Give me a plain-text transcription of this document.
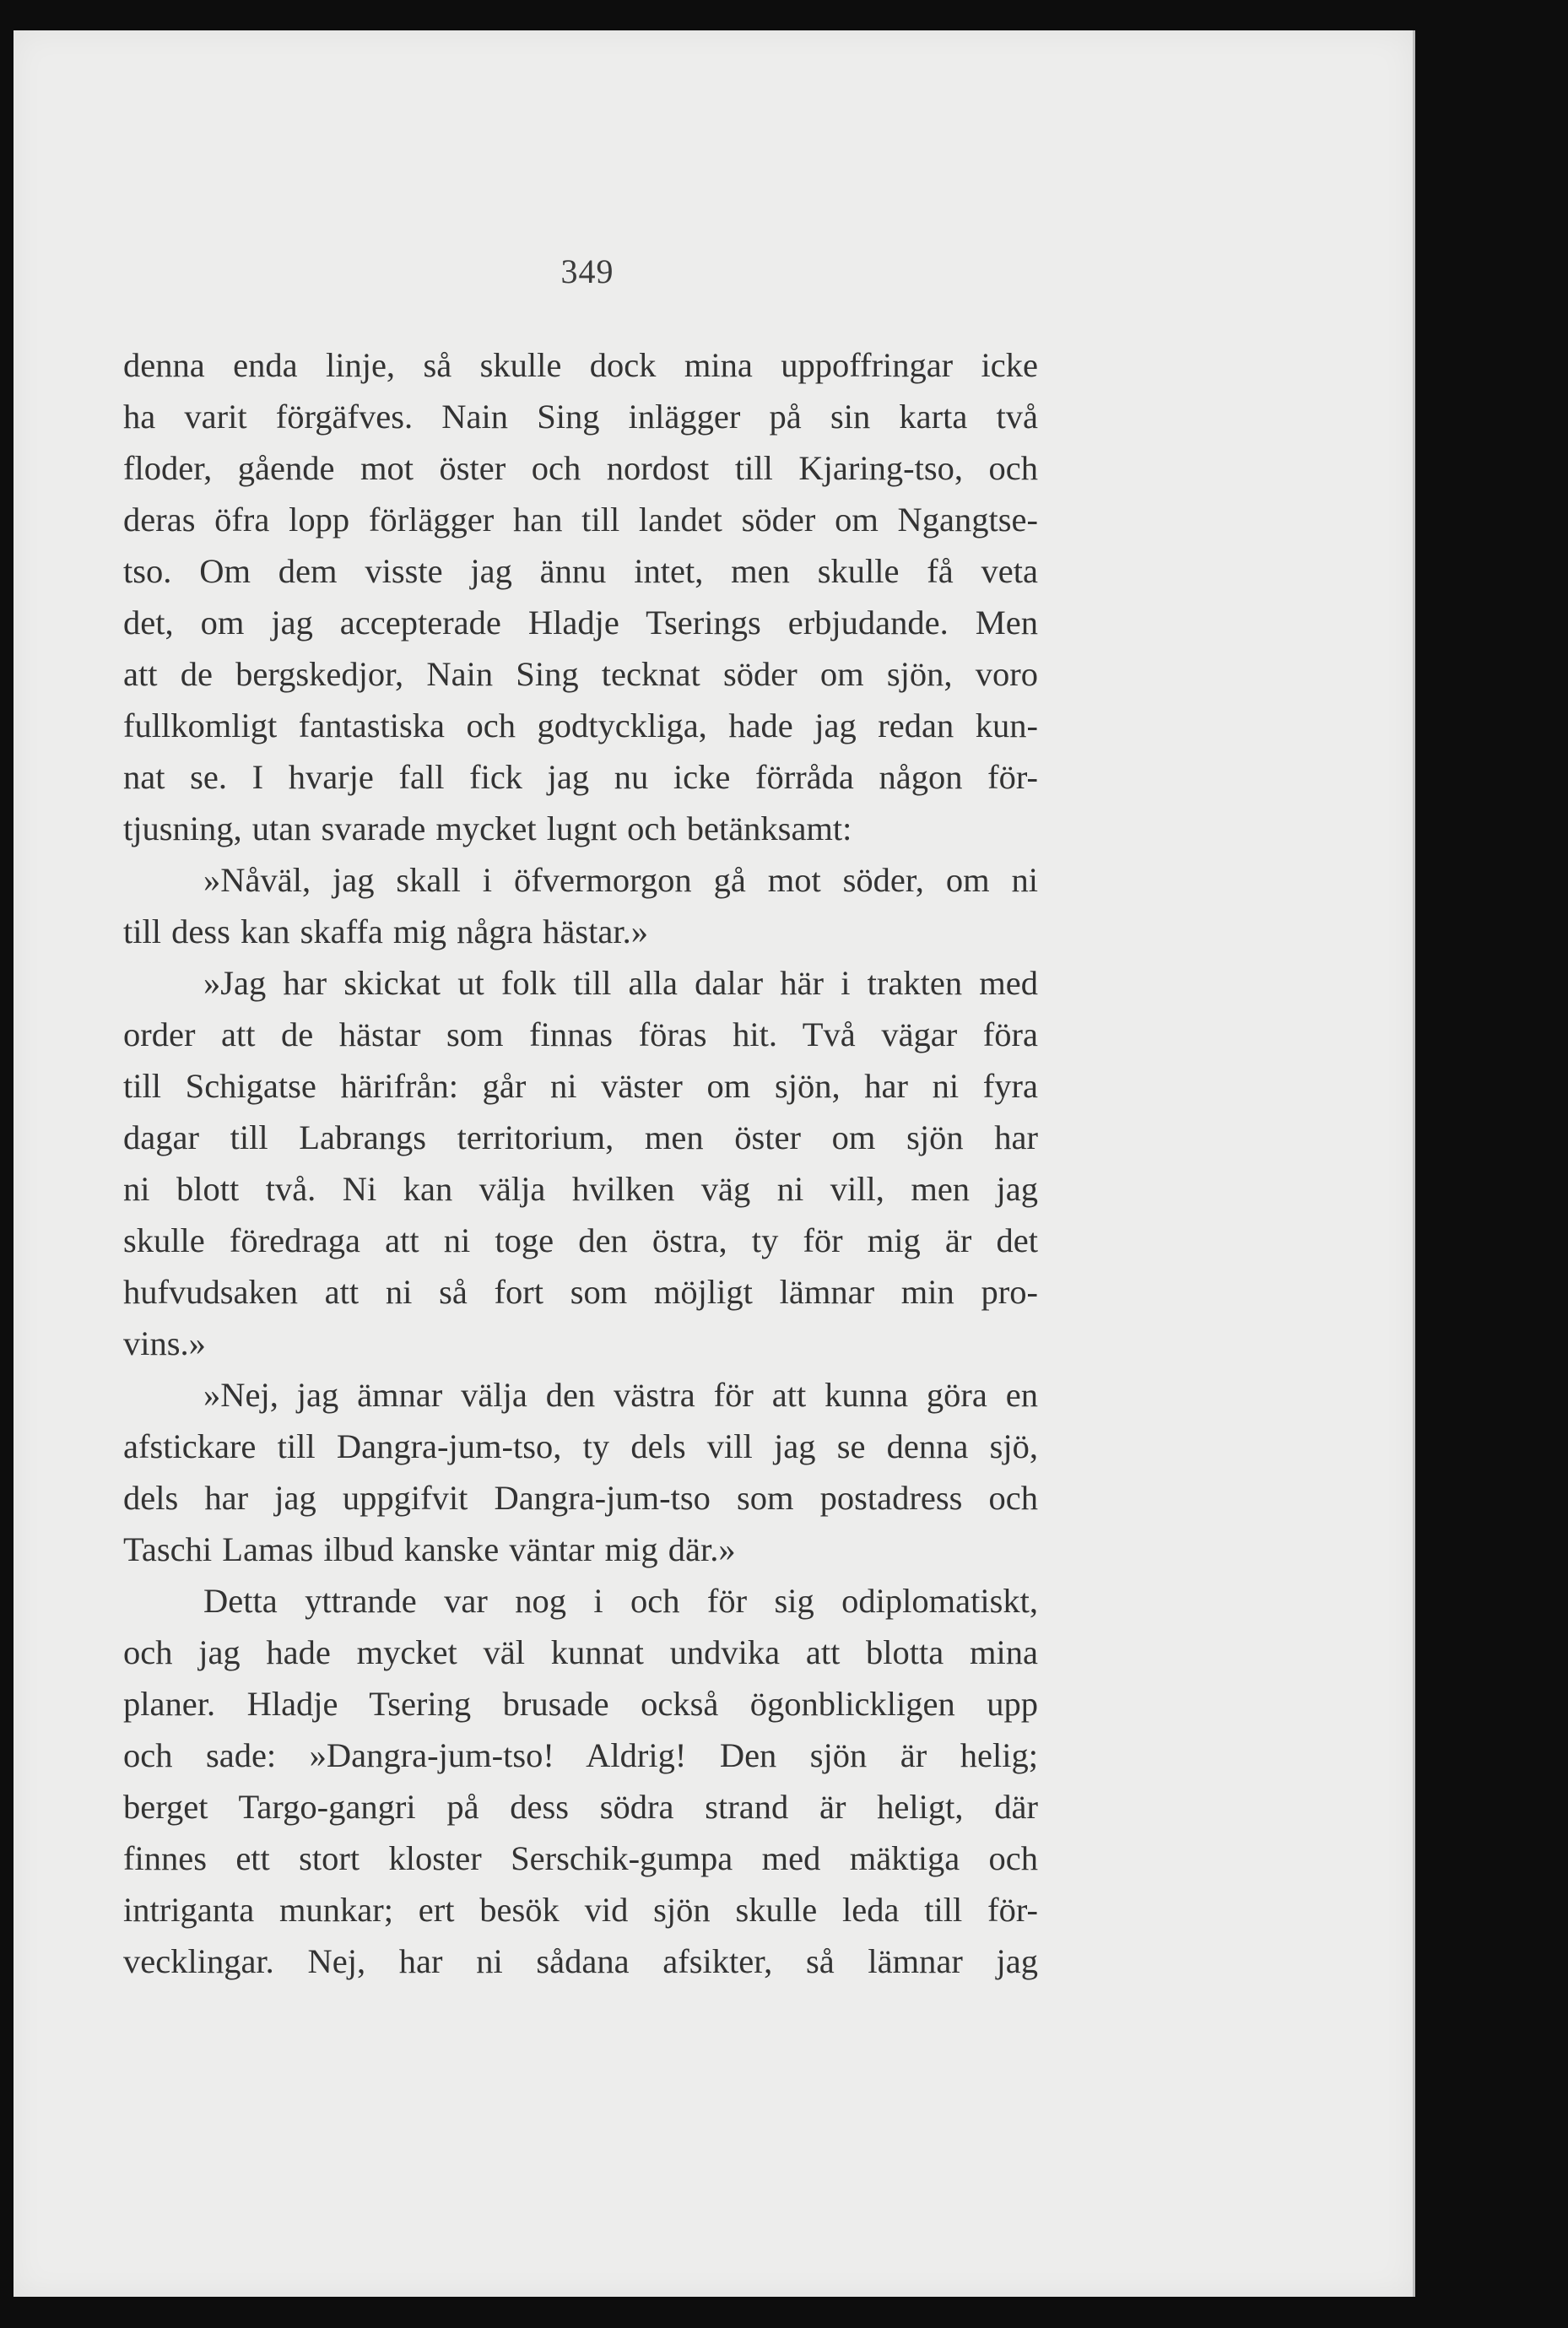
349
denna enda linje, så skulle dock mina uppoffringar icke
ha varit förgäfves. Nain Sing inlägger på sin karta två
floder, gående mot öster och nordost till Kjaring-tso, och
deras öfra lopp förlägger han till landet söder om Ngangtse-
tso. Om dem visste jag ännu intet, men skulle få veta
det, om jag accepterade Hladje Tserings erbjudande. Men
att de bergskedjor, Nain Sing tecknat söder om sjön, voro
fullkomligt fantastiska och godtyckliga, hade jag redan kun-
nat se. I hvarje fall fick jag nu icke förråda någon för-
tjusning, utan svarade mycket lugnt och betänksamt:
»Nåväl, jag skall i öfvermorgon gå mot söder, om ni
till dess kan skaffa mig några hästar.»
»Jag har skickat ut folk till alla dalar här i trakten med
order att de hästar som finnas föras hit. Två vägar föra
till Schigatse härifrån: går ni väster om sjön, har ni fyra
dagar till Labrangs territorium, men öster om sjön har
ni blott två. Ni kan välja hvilken väg ni vill, men jag
skulle föredraga att ni toge den östra, ty för mig är det
hufvudsaken att ni så fort som möjligt lämnar min pro-
vins.»
»Nej, jag ämnar välja den västra för att kunna göra en
afstickare till Dangra-jum-tso, ty dels vill jag se denna sjö,
dels har jag uppgifvit Dangra-jum-tso som postadress och
Taschi Lamas ilbud kanske väntar mig där.»
Detta yttrande var nog i och för sig odiplomatiskt,
och jag hade mycket väl kunnat undvika att blotta mina
planer. Hladje Tsering brusade också ögonblickligen upp
och sade: »Dangra-jum-tso! Aldrig! Den sjön är helig;
berget Targo-gangri på dess södra strand är heligt, där
finnes ett stort kloster Serschik-gumpa med mäktiga och
intriganta munkar; ert besök vid sjön skulle leda till för-
vecklingar. Nej, har ni sådana afsikter, så lämnar jag
